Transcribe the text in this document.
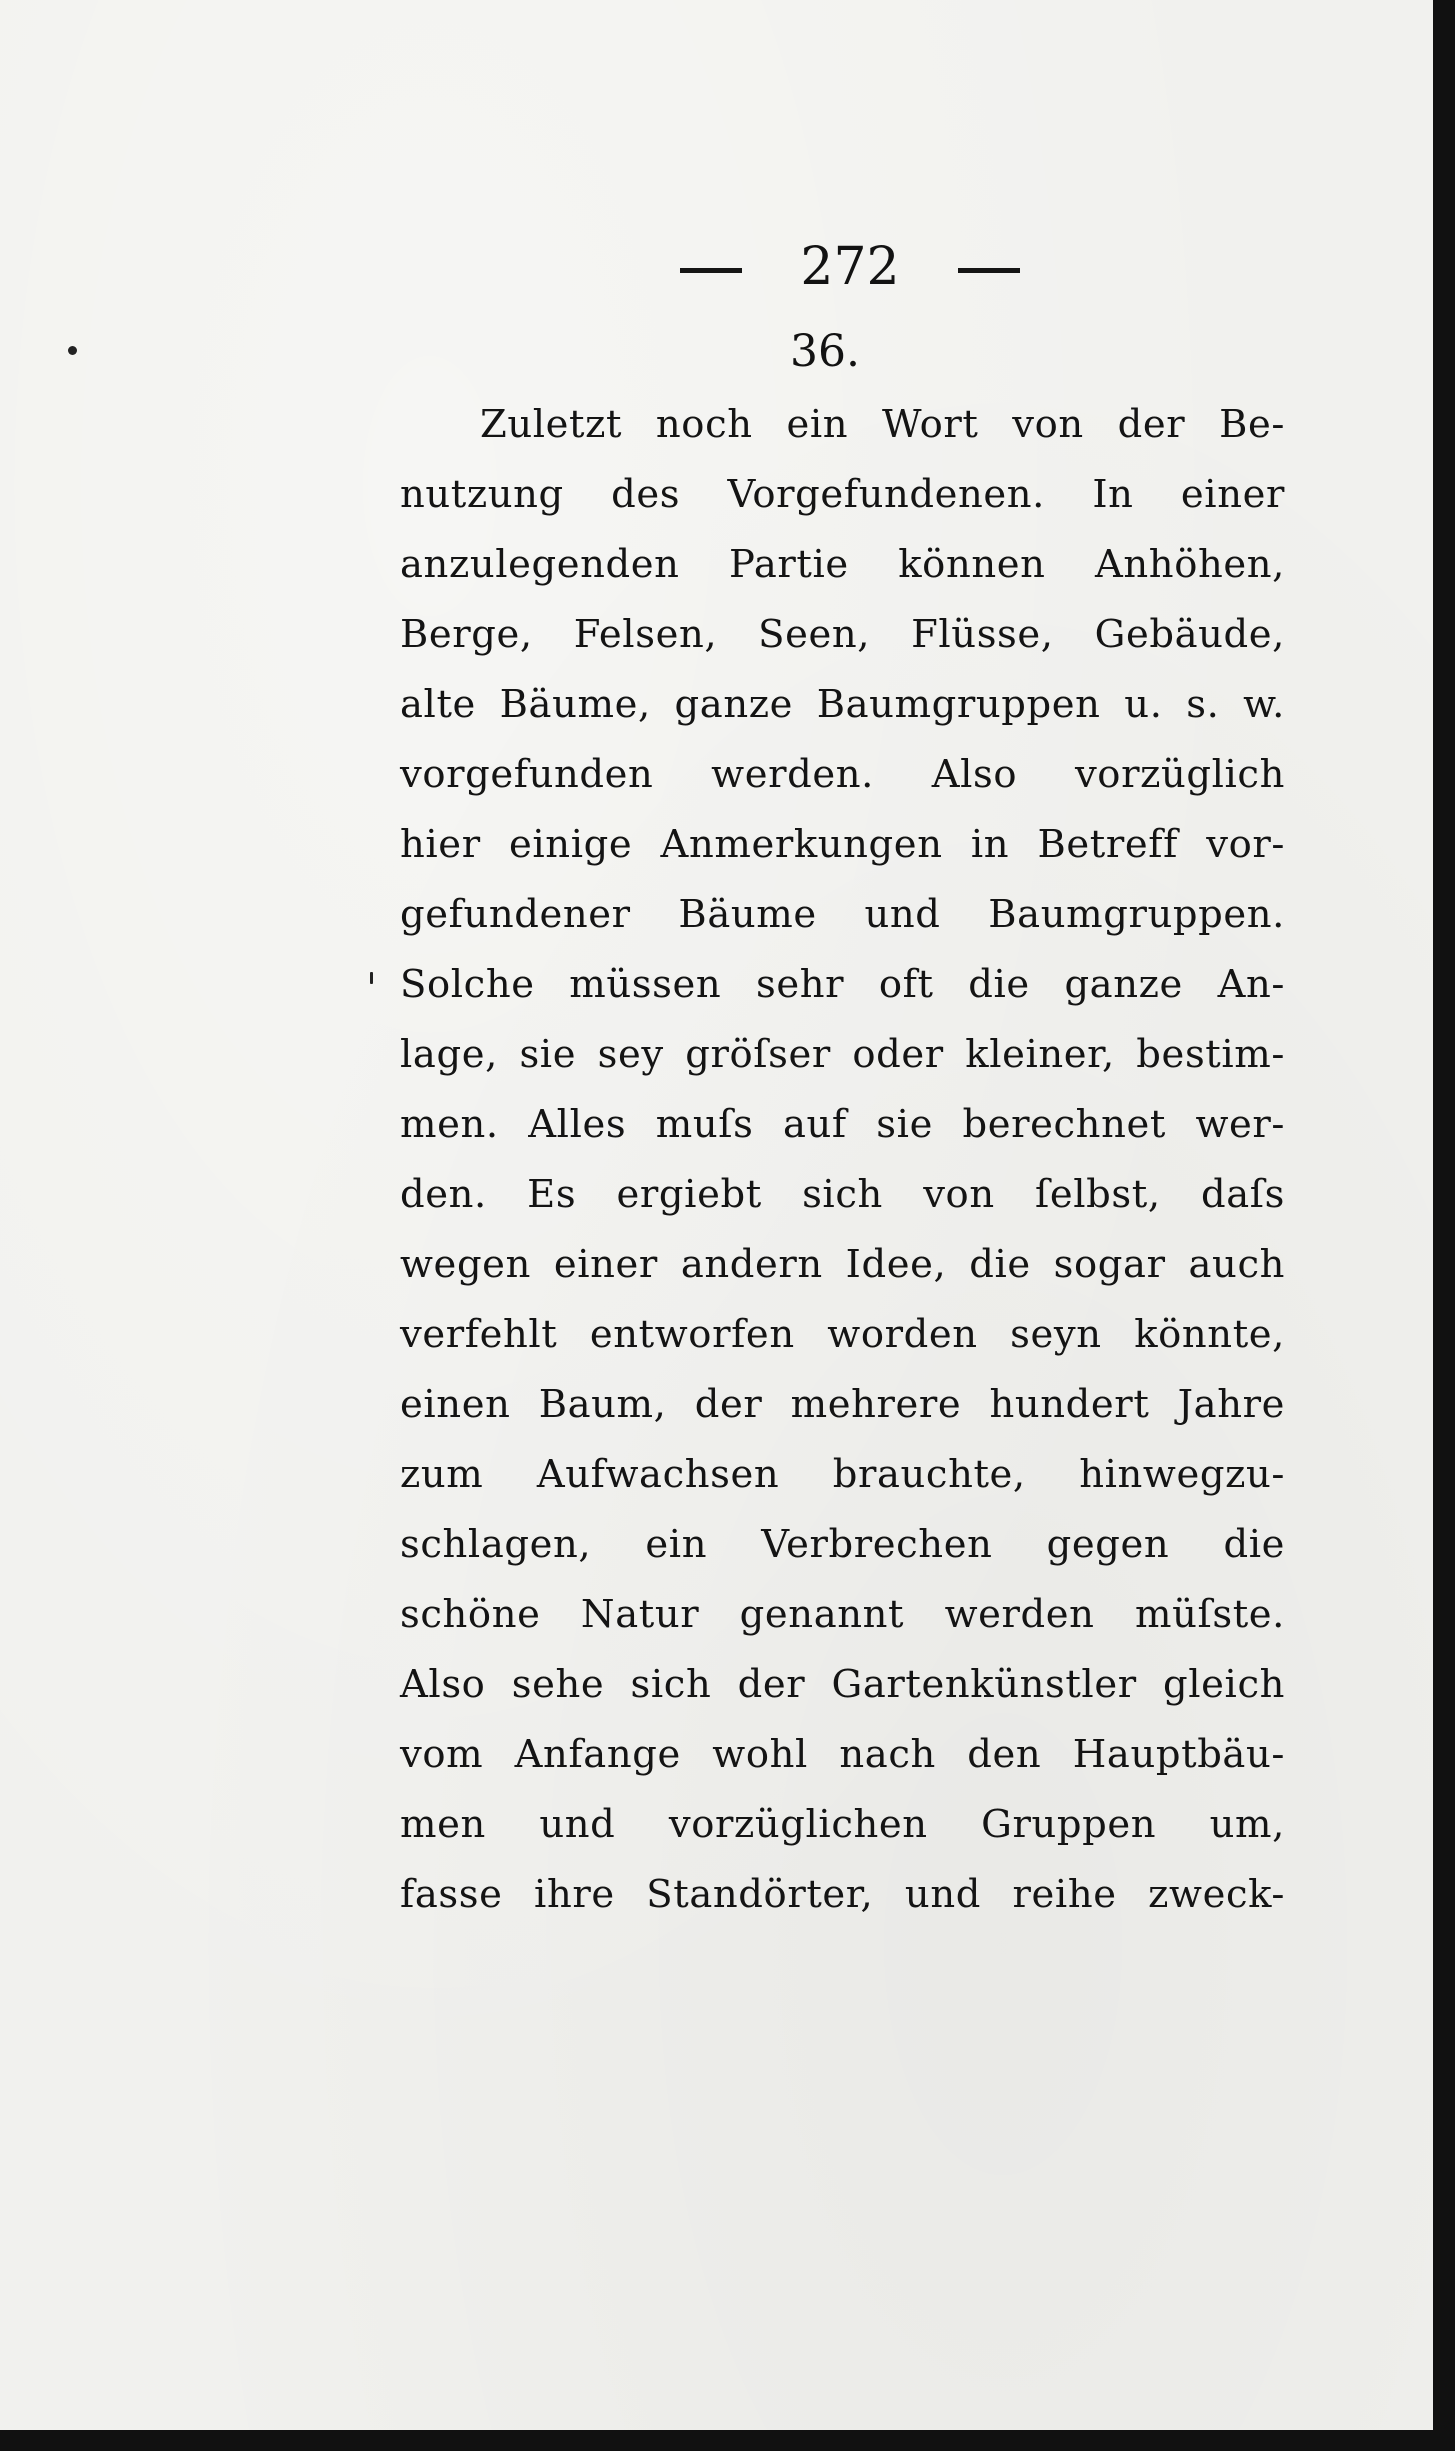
272
36.
Zuletzt noch ein Wort von der Be-
nutzung des Vorgefundenen. In einer
anzulegenden Partie können Anhöhen,
Berge, Felsen, Seen, Flüsse, Gebäude,
alte Bäume, ganze Baumgruppen u. s. w.
vorgefunden werden. Also vorzüglich
hier einige Anmerkungen in Betreff vor-
gefundener Bäume und Baumgruppen.
Solche müssen sehr oft die ganze An-
lage, sie sey gröſser oder kleiner, bestim-
men. Alles muſs auf sie berechnet wer-
den. Es ergiebt sich von ſelbst, daſs
wegen einer andern Idee, die sogar auch
verfehlt entworfen worden seyn könnte,
einen Baum, der mehrere hundert Jahre
zum Aufwachsen brauchte, hinwegzu-
schlagen, ein Verbrechen gegen die
schöne Natur genannt werden müſste.
Also sehe sich der Gartenkünstler gleich
vom Anfange wohl nach den Hauptbäu-
men und vorzüglichen Gruppen um,
fasse ihre Standörter, und reihe zweck-
